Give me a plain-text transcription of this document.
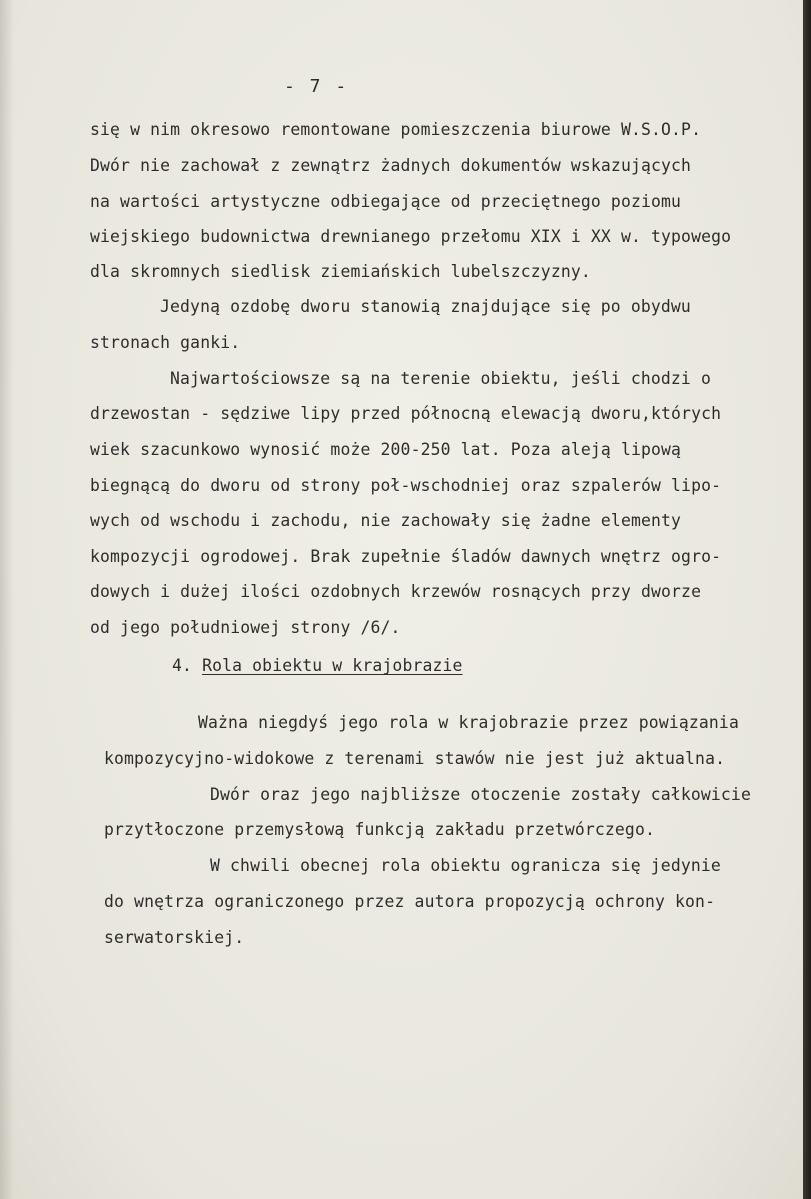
- 7 -
się w nim okresowo remontowane pomieszczenia biurowe W.S.O.P.
Dwór nie zachował z zewnątrz żadnych dokumentów wskazujących
na wartości artystyczne odbiegające od przeciętnego poziomu
wiejskiego budownictwa drewnianego przełomu XIX i XX w. typowego
dla skromnych siedlisk ziemiańskich lubelszczyzny.
Jedyną ozdobę dworu stanowią znajdujące się po obydwu
stronach ganki.
Najwartościowsze są na terenie obiektu, jeśli chodzi o
drzewostan - sędziwe lipy przed północną elewacją dworu,których
wiek szacunkowo wynosić może 200-250 lat. Poza aleją lipową
biegnącą do dworu od strony poł-wschodniej oraz szpalerów lipo-
wych od wschodu i zachodu, nie zachowały się żadne elementy
kompozycji ogrodowej. Brak zupełnie śladów dawnych wnętrz ogro-
dowych i dużej ilości ozdobnych krzewów rosnących przy dworze
od jego południowej strony /6/.
4. Rola obiektu w krajobrazie
Ważna niegdyś jego rola w krajobrazie przez powiązania
kompozycyjno-widokowe z terenami stawów nie jest już aktualna.
Dwór oraz jego najbliższe otoczenie zostały całkowicie
przytłoczone przemysłową funkcją zakładu przetwórczego.
W chwili obecnej rola obiektu ogranicza się jedynie
do wnętrza ograniczonego przez autora propozycją ochrony kon-
serwatorskiej.
